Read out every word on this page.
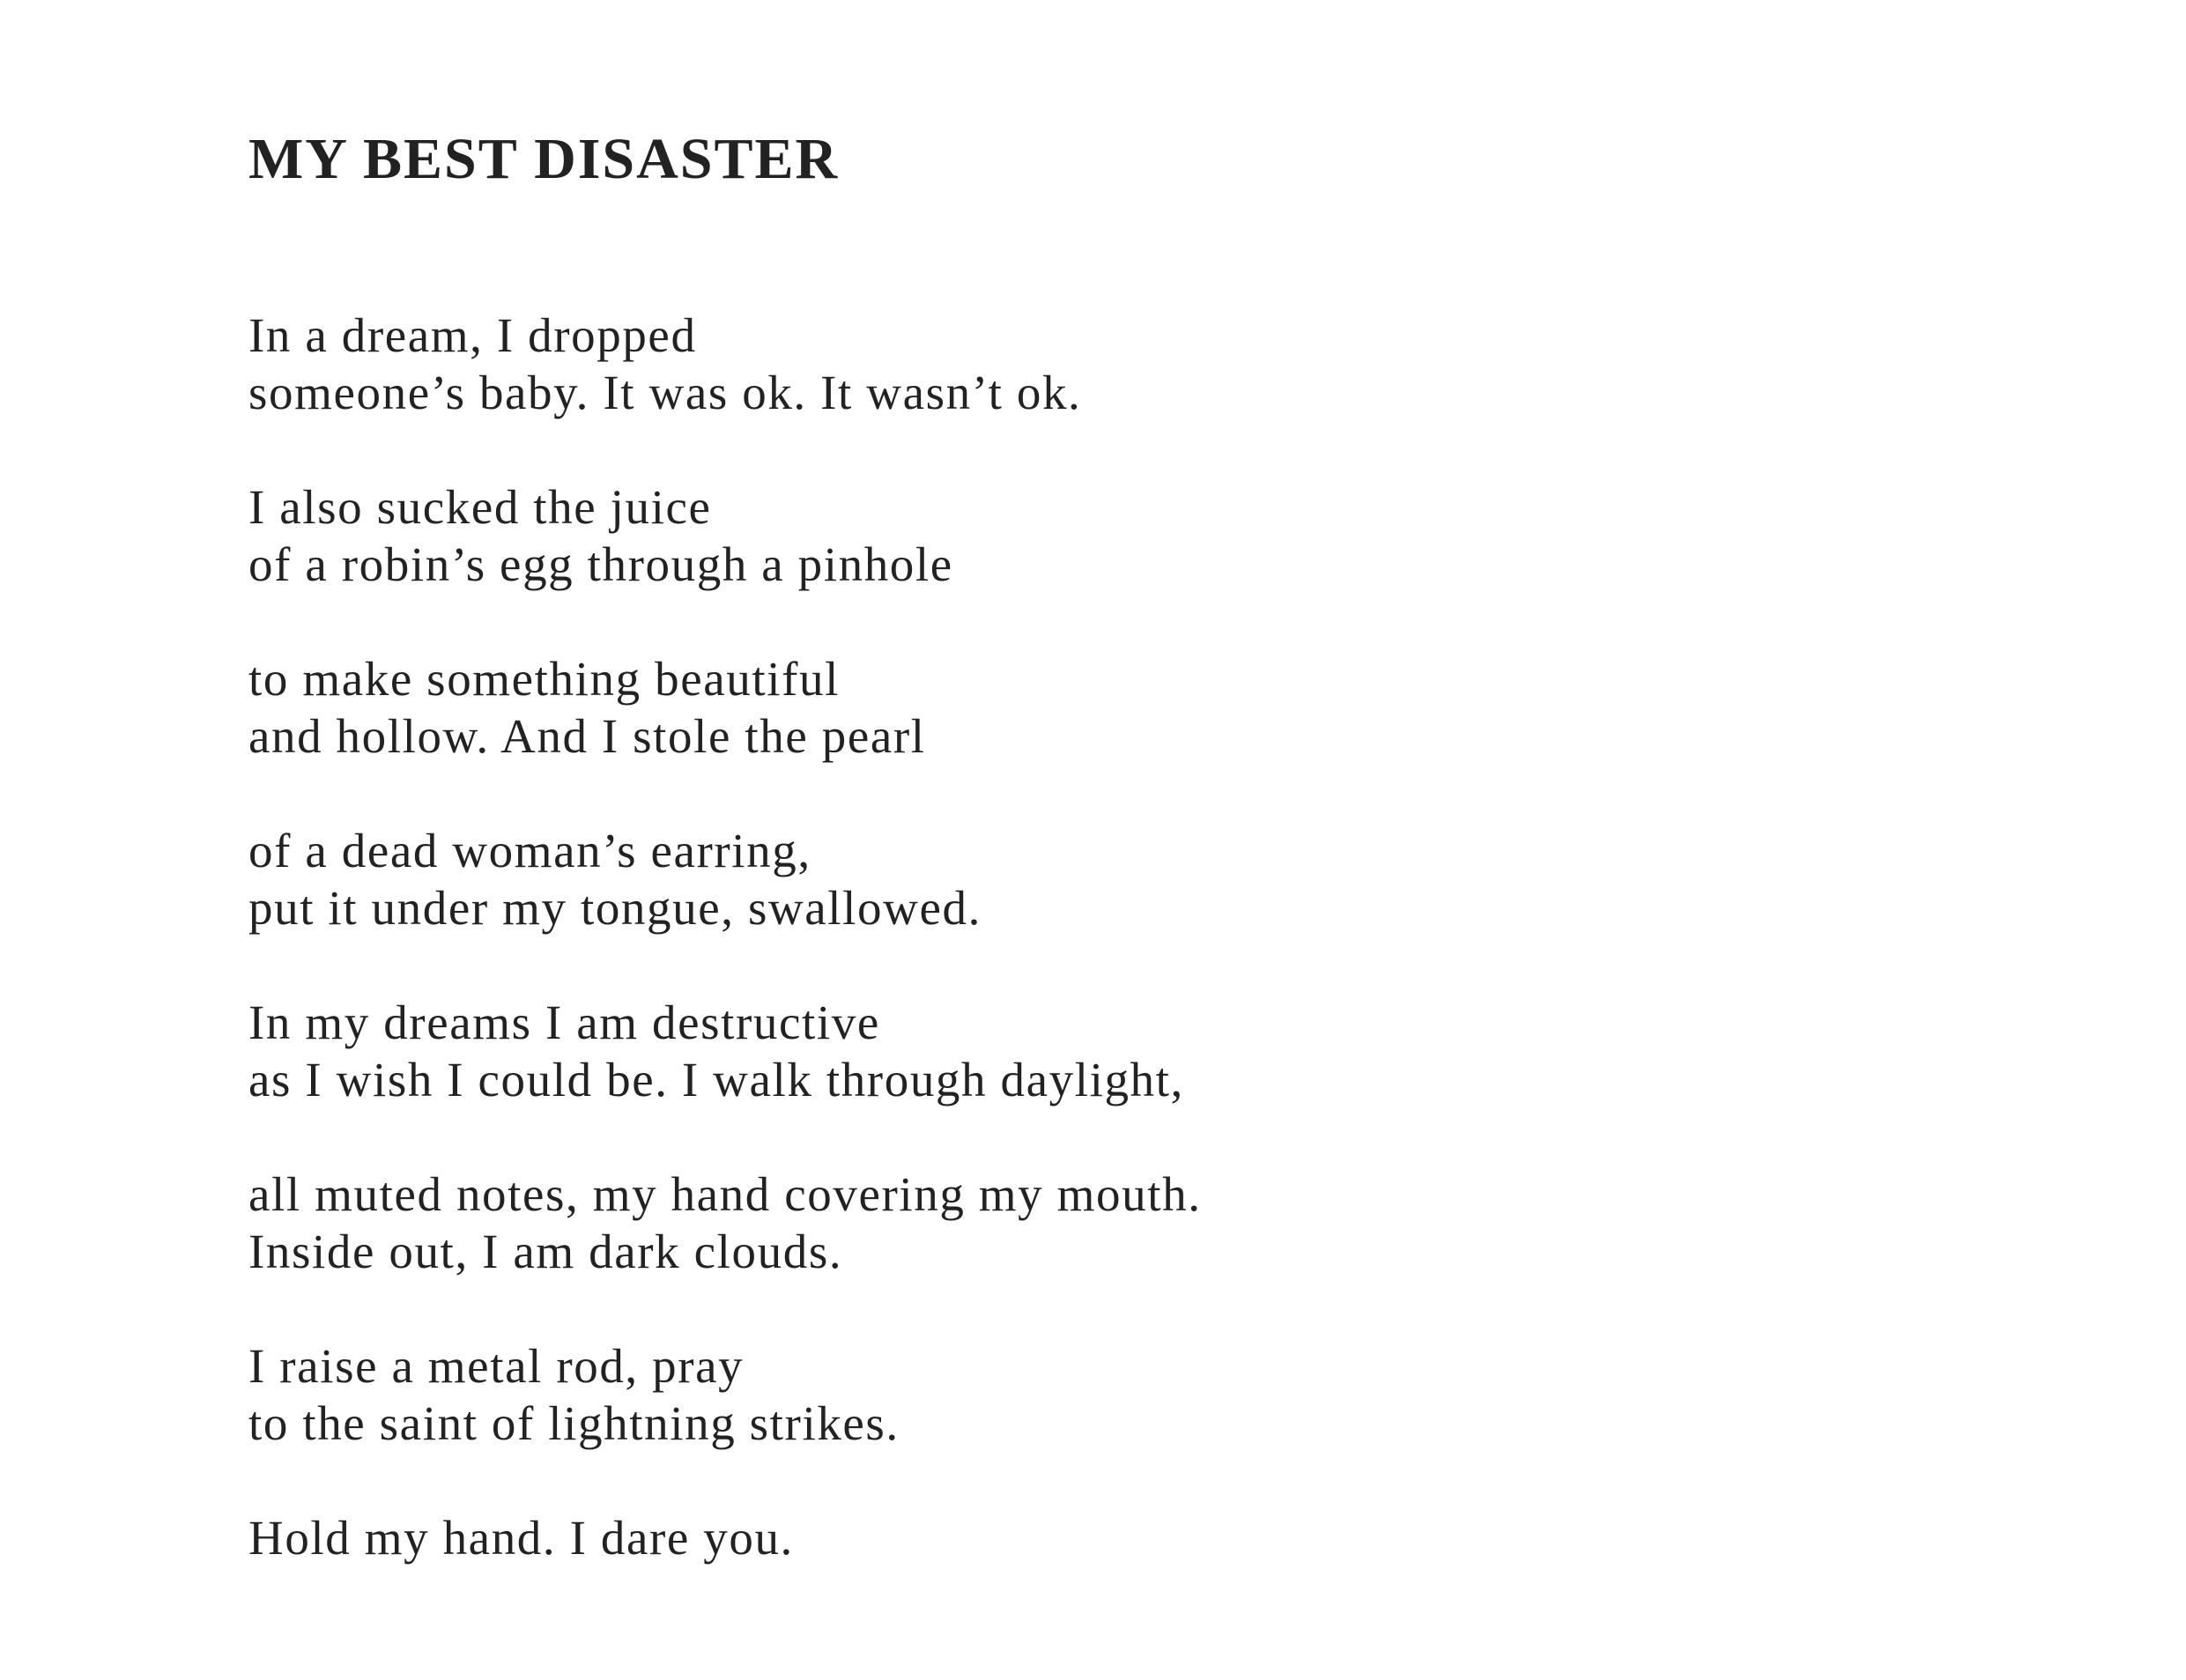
MY BEST DISASTER

In a dream, I dropped
someone’s baby. It was ok. It wasn’t ok.

I also sucked the juice
of a robin’s egg through a pinhole

to make something beautiful
and hollow. And I stole the pearl

of a dead woman’s earring,
put it under my tongue, swallowed.

In my dreams I am destructive
as I wish I could be. I walk through daylight,

all muted notes, my hand covering my mouth.
Inside out, I am dark clouds.

I raise a metal rod, pray
to the saint of lightning strikes.

Hold my hand. I dare you.
